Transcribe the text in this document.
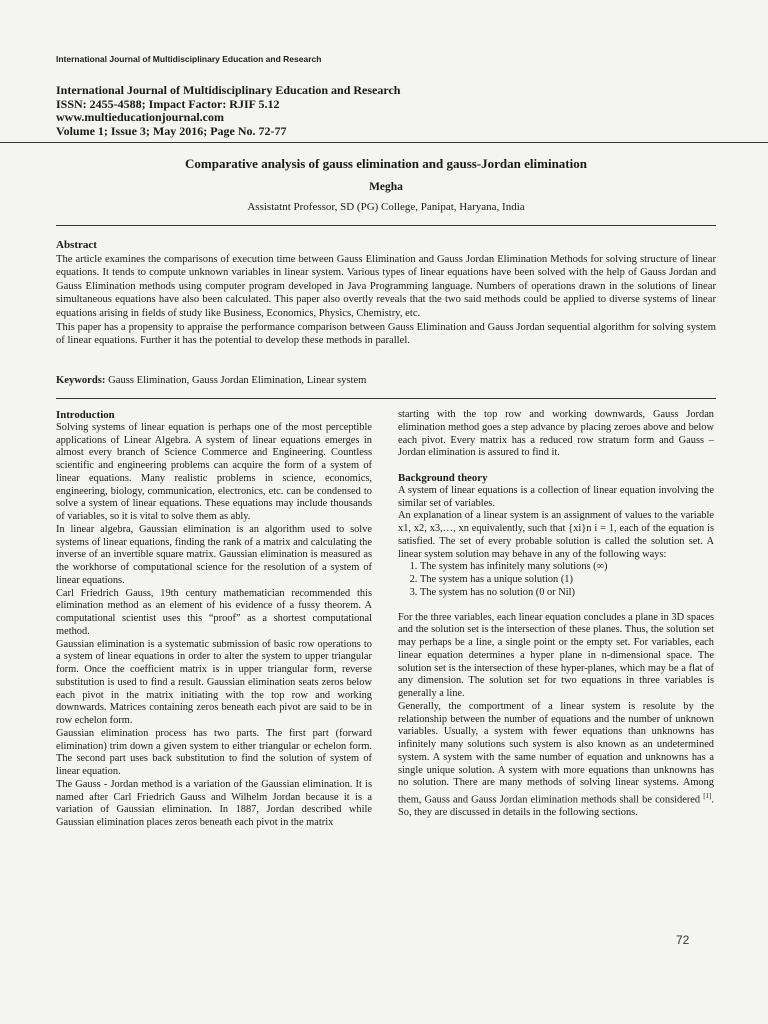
International Journal of Multidisciplinary Education and Research
International Journal of Multidisciplinary Education and Research
ISSN: 2455-4588; Impact Factor: RJIF 5.12
www.multieducationjournal.com
Volume 1; Issue 3; May 2016; Page No. 72-77
Comparative analysis of gauss elimination and gauss-Jordan elimination
Megha
Assistatnt Professor, SD (PG) College, Panipat, Haryana, India
Abstract

The article examines the comparisons of execution time between Gauss Elimination and Gauss Jordan Elimination Methods for solving structure of linear equations. It tends to compute unknown variables in linear system. Various types of linear equations have been solved with the help of Gauss Jordan and Gauss Elimination methods using computer program developed in Java Programming language. Numbers of operations drawn in the solutions of linear simultaneous equations have also been calculated. This paper also overtly reveals that the two said methods could be applied to diverse systems of linear equations arising in fields of study like Business, Economics, Physics, Chemistry, etc.

This paper has a propensity to appraise the performance comparison between Gauss Elimination and Gauss Jordan sequential algorithm for solving system of linear equations. Further it has the potential to develop these methods in parallel.

Keywords: Gauss Elimination, Gauss Jordan Elimination, Linear system

Introduction

Solving systems of linear equation is perhaps one of the most perceptible applications of Linear Algebra. A system of linear equations emerges in almost every branch of Science Commerce and Engineering. Countless scientific and engineering problems can acquire the form of a system of linear equations. Many realistic problems in science, economics, engineering, biology, communication, electronics, etc. can be condensed to solve a system of linear equations. These equations may include thousands of variables, so it is vital to solve them as ably.

In linear algebra, Gaussian elimination is an algorithm used to solve systems of linear equations, finding the rank of a matrix and calculating the inverse of an invertible square matrix. Gaussian elimination is measured as the workhorse of computational science for the resolution of a system of linear equations.

Carl Friedrich Gauss, 19th century mathematician recommended this elimination method as an element of his evidence of a fussy theorem. A computational scientist uses this “proof” as a shortest computational method.

Gaussian elimination is a systematic submission of basic row operations to a system of linear equations in order to alter the system to upper triangular form. Once the coefficient matrix is in upper triangular form, reverse substitution is used to find a result. Gaussian elimination seats zeros below each pivot in the matrix initiating with the top row and working downwards. Matrices containing zeros beneath each pivot are said to be in row echelon form.

Gaussian elimination process has two parts. The first part (forward elimination) trim down a given system to either triangular or echelon form. The second part uses back substitution to find the solution of system of linear equation.

The Gauss - Jordan method is a variation of the Gaussian elimination. It is named after Carl Friedrich Gauss and Wilhelm Jordan because it is a variation of Gaussian elimination. In 1887, Jordan described while Gaussian elimination places zeros beneath each pivot in the matrix

starting with the top row and working downwards, Gauss Jordan elimination method goes a step advance by placing zeroes above and below each pivot. Every matrix has a reduced row stratum form and Gauss – Jordan elimination is assured to find it.

Background theory

A system of linear equations is a collection of linear equation involving the similar set of variables.

An explanation of a linear system is an assignment of values to the variable x1, x2, x3,…, xn equivalently, such that {xi}n i = 1, each of the equation is satisfied. The set of every probable solution is called the solution set. A linear system solution may behave in any of the following ways:

1. The system has infinitely many solutions (∞)
2. The system has a unique solution (1)
3. The system has no solution (0 or Nil)

For the three variables, each linear equation concludes a plane in 3D spaces and the solution set is the intersection of these planes. Thus, the solution set may perhaps be a line, a single point or the empty set. For variables, each linear equation determines a hyper plane in n-dimensional space. The solution set is the intersection of these hyper-planes, which may be a flat of any dimension. The solution set for two equations in three variables is generally a line.

Generally, the comportment of a linear system is resolute by the relationship between the number of equations and the number of unknown variables. Usually, a system with fewer equations than unknowns has infinitely many solutions such system is also known as an undetermined system. A system with the same number of equation and unknowns has a single unique solution. A system with more equations than unknowns has no solution. There are many methods of solving linear systems. Among them, Gauss and Gauss Jordan elimination methods shall be considered [1]. So, they are discussed in details in the following sections.

72
